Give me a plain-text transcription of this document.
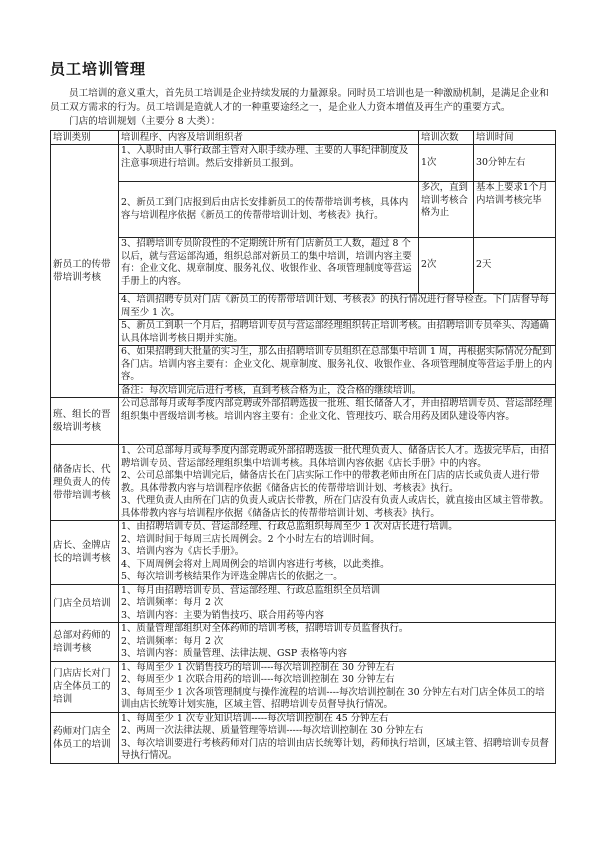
员工培训管理

员工培训的意义重大，首先员工培训是企业持续发展的力量源泉。同时员工培训也是一种激励机制，是满足企业和员工双方需求的行为。员工培训是造就人才的一种重要途经之一，是企业人力资本增值及再生产的重要方式。

门店的培训规划（主要分 8 大类）：

培训类别	培训程序、内容及培训组织者	培训次数	培训时间
新员工的传带带培训考核	1、入职时由人事行政部主管对入职手续办理、主要的人事纪律制度及注意事项进行培训。然后安排新员工报到。	1次	30分钟左右
	2、新员工到门店报到后由店长安排新员工的传帮带培训考核，具体内容与培训程序依据《新员工的传帮带培训计划、考核表》执行。	多次，直到培训考核合格为止	基本上要求1个月内培训考核完毕
	3、招聘培训专员阶段性的不定期统计所有门店新员工人数，超过 8 个以后，就与营运部沟通，组织总部对新员工的集中培训，培训内容主要有：企业文化、规章制度、服务礼仪、收银作业、各项管理制度等营运手册上的内容。	2次	2天
	4、培训招聘专员对门店《新员工的传帮带培训计划、考核表》的执行情况进行督导检查。下门店督导每周至少 1 次。		
	5、新员工到职一个月后，招聘培训专员与营运部经理组织转正培训考核。由招聘培训专员牵头、沟通确认具体培训考核日期并实施。		
	6、如果招聘到大批量的实习生，那么由招聘培训专员组织在总部集中培训 1 周，再根据实际情况分配到各门店。培训内容主要有：企业文化、规章制度、服务礼仪、收银作业、各项管理制度等营运手册上的内容。		
	备注：每次培训完后进行考核，直到考核合格为止，没合格的继续培训。		
班、组长的晋级培训考核	公司总部每月或每季度内部竞聘或外部招聘选拔一批班、组长储备人才，并由招聘培训专员、营运部经理组织集中晋级培训考核。培训内容主要有：企业文化、管理技巧、联合用药及团队建设等内容。		
储备店长、代理负责人的传带带培训考核	1、公司总部每月或每季度内部竞聘或外部招聘选拔一批代理负责人、储备店长人才。选拔完毕后，由招聘培训专员、营运部经理组织集中培训考核。具体培训内容依据《店长手册》中的内容。
2、公司总部集中培训完后，储备店长在门店实际工作中的带教老师由所在门店的店长或负责人进行带教。具体带教内容与培训程序依据《储备店长的传帮带培训计划、考核表》执行。
3、代理负责人由所在门店的负责人或店长带教，所在门店没有负责人或店长，就直接由区域主管带教。具体带教内容与培训程序依据《储备店长的传帮带培训计划、考核表》执行。		
店长、金牌店长的培训考核	1、由招聘培训专员、营运部经理、行政总监组织每周至少 1 次对店长进行培训。
2、培训时间于每周三店长周例会。2 个小时左右的培训时间。
3、培训内容为《店长手册》。
4、下周周例会将对上周周例会的培训内容进行考核，以此类推。
5、每次培训考核结果作为评选金牌店长的依据之一。		
门店全员培训	1、每月由招聘培训专员、营运部经理、行政总监组织全员培训
2、培训频率：每月 2 次
3、培训内容：主要为销售技巧、联合用药等内容		
总部对药师的培训考核	1、质量管理部组织对全体药师的培训考核，招聘培训专员监督执行。
2、培训频率：每月 2 次
3、培训内容：质量管理、法律法规、GSP 表格等内容		
门店店长对门店全体员工的培训	1、每周至少 1 次销售技巧的培训----每次培训控制在 30 分钟左右
2、每周至少 1 次联合用药的培训----每次培训控制在 30 分钟左右
3、每周至少 1 次各项管理制度与操作流程的培训----每次培训控制在 30 分钟左右对门店全体员工的培训由店长统筹计划实施，区域主管、招聘培训专员督导执行情况。		
药师对门店全体员工的培训	1、每周至少 1 次专业知识培训-----每次培训控制在 45 分钟左右
2、两周一次法律法规、质量管理等培训-----每次培训控制在 30 分钟左右
3、每次培训要进行考核药师对门店的培训由店长统筹计划，药师执行培训，区域主管、招聘培训专员督导执行情况。		
